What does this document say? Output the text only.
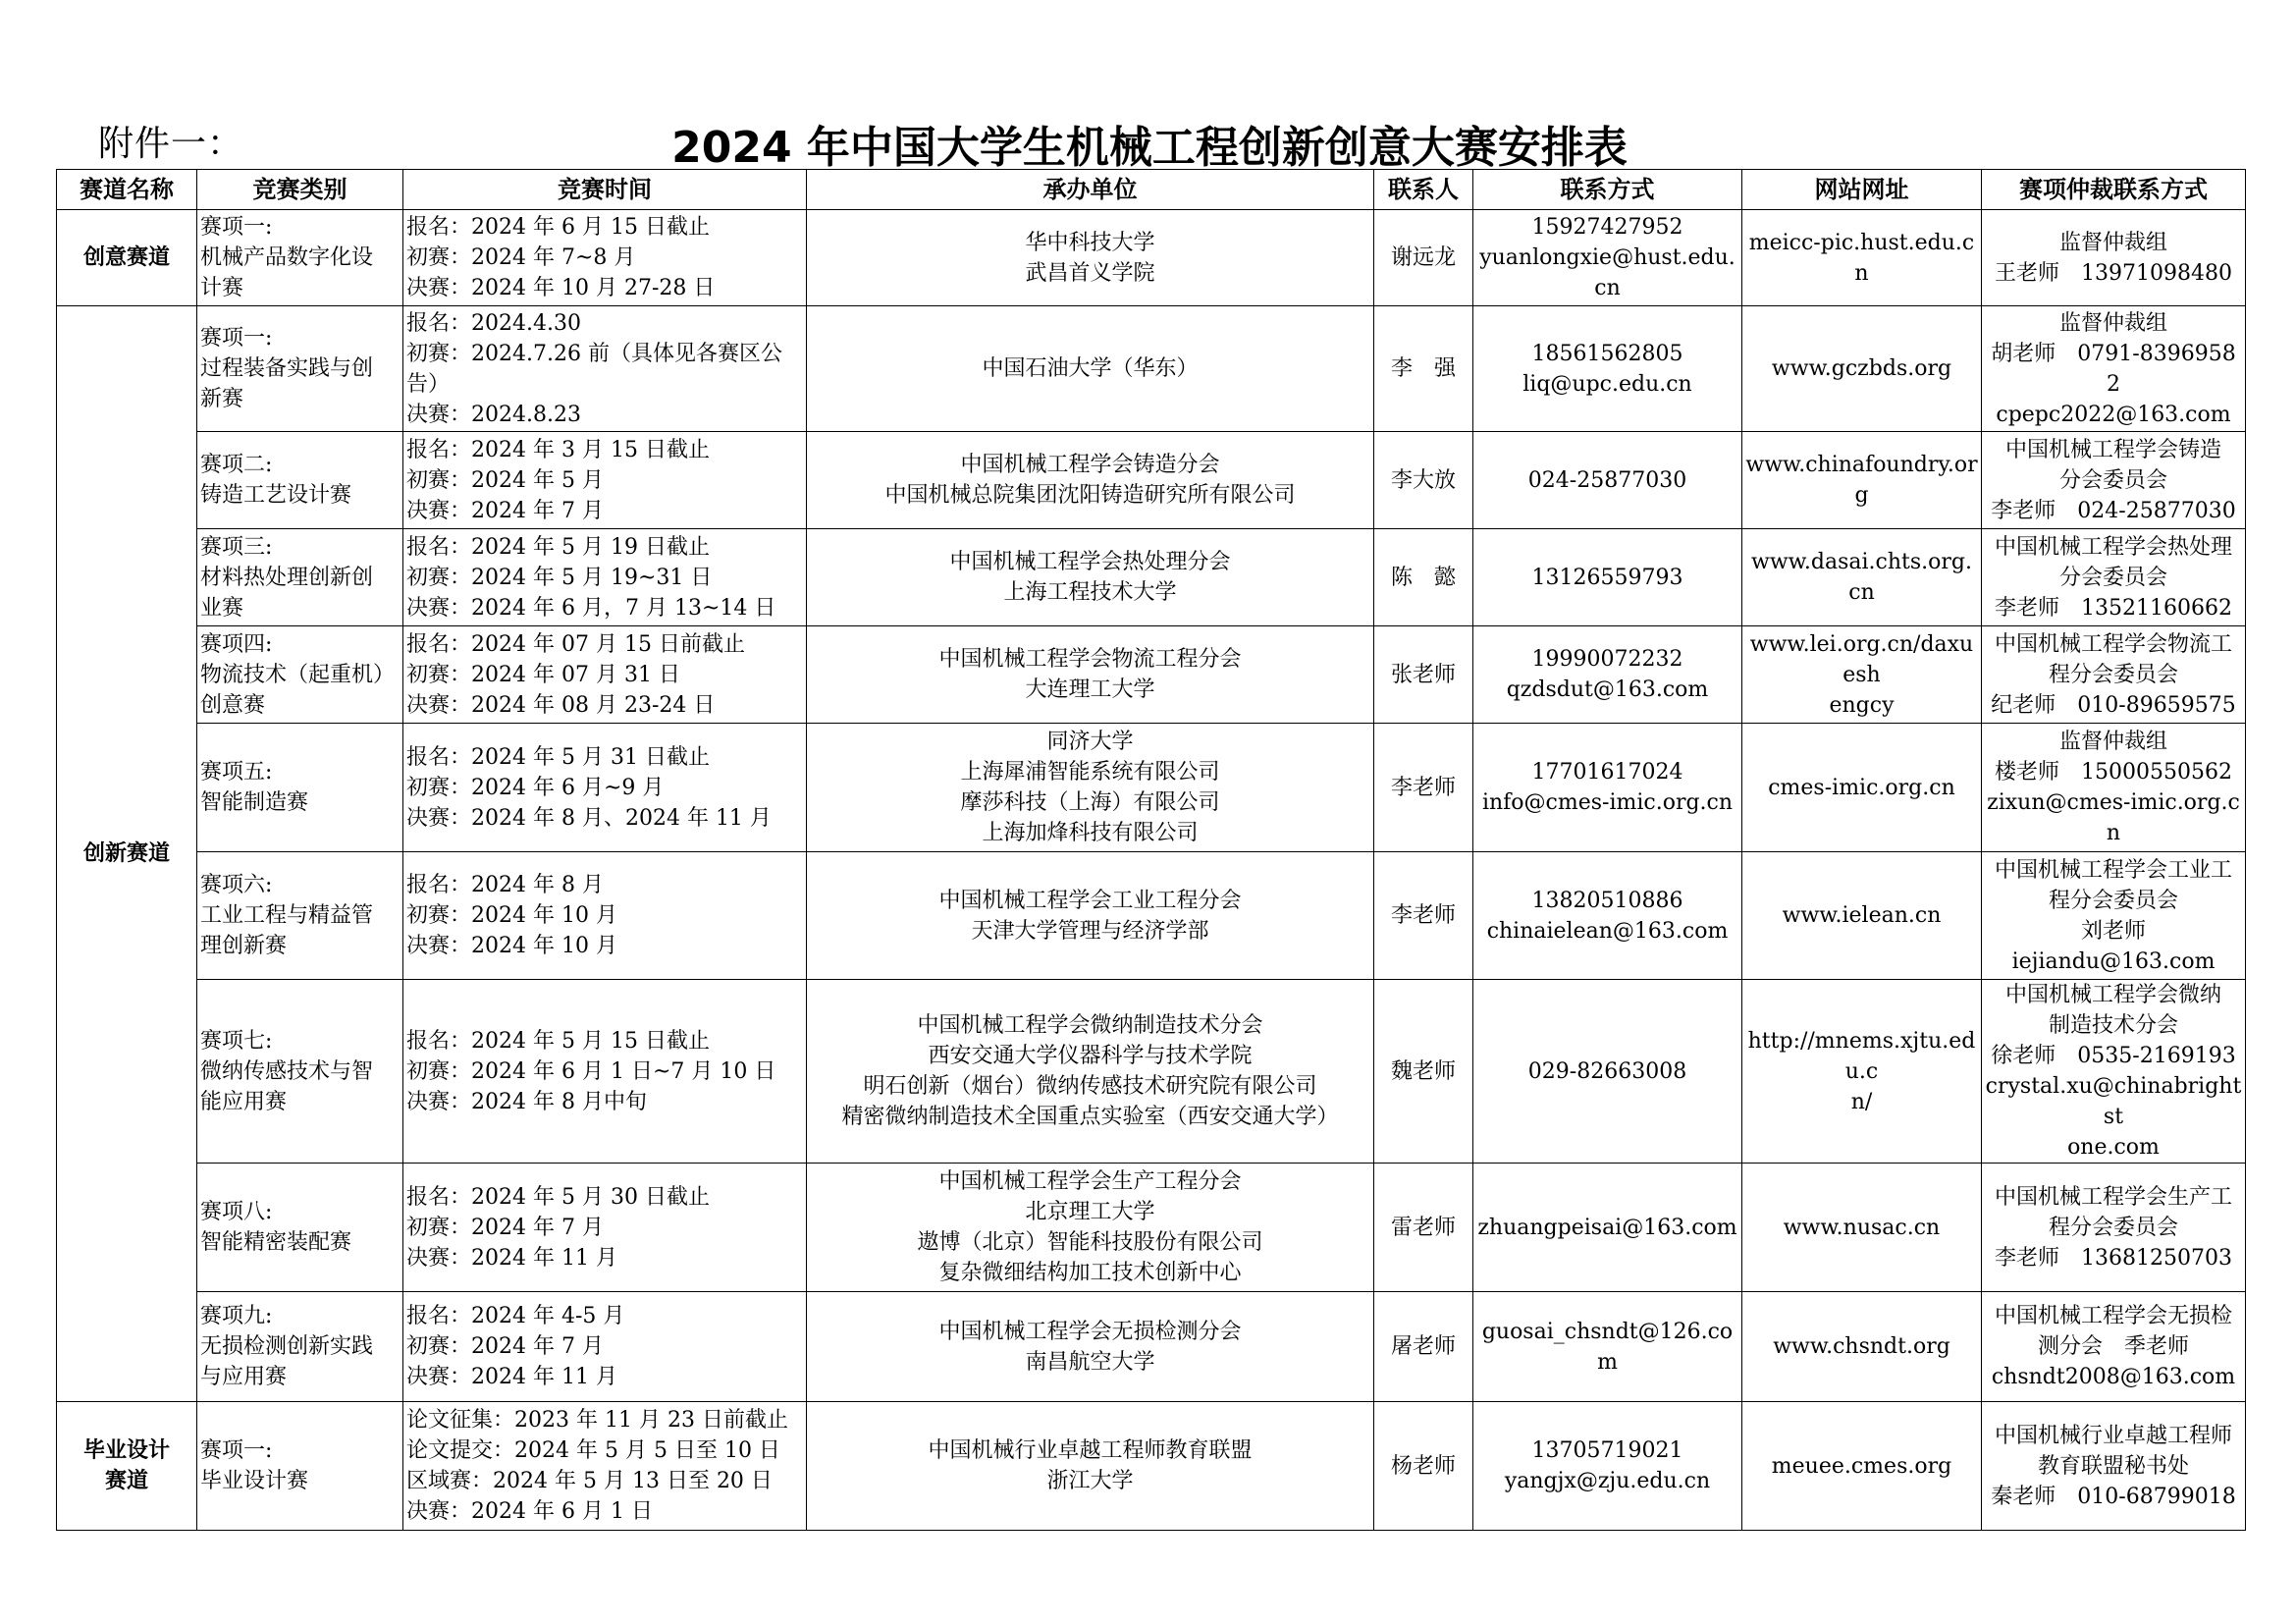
附件一：	2024 年中国大学生机械工程创新创意大赛安排表
赛道名称	竞赛类别	竞赛时间	承办单位	联系人	联系方式	网站网址	赛项仲裁联系方式

创意赛道	赛项一:
机械产品数字化设
计赛	报名：2024 年 6 月 15 日截止
初赛：2024 年 7~8 月
决赛：2024 年 10 月 27-28 日	华中科技大学
武昌首义学院	谢远龙	15927427952
yuanlongxie@hust.edu.cn	meicc-pic.hust.edu.cn	监督仲裁组
王老师　13971098480

创新赛道	赛项一:
过程装备实践与创
新赛	报名：2024.4.30
初赛：2024.7.26 前（具体见各赛区公
告）
决赛：2024.8.23	中国石油大学（华东）	李　强	18561562805
liq@upc.edu.cn	www.gczbds.org	监督仲裁组
胡老师　0791-83969582
cpepc2022@163.com

	赛项二:
铸造工艺设计赛	报名：2024 年 3 月 15 日截止
初赛：2024 年 5 月
决赛：2024 年 7 月	中国机械工程学会铸造分会
中国机械总院集团沈阳铸造研究所有限公司	李大放	024-25877030	www.chinafoundry.org	中国机械工程学会铸造
分会委员会
李老师　024-25877030

	赛项三:
材料热处理创新创
业赛	报名：2024 年 5 月 19 日截止
初赛：2024 年 5 月 19~31 日
决赛：2024 年 6 月，7 月 13~14 日	中国机械工程学会热处理分会
上海工程技术大学	陈　懿	13126559793	www.dasai.chts.org.cn	中国机械工程学会热处理
分会委员会
李老师　13521160662

	赛项四:
物流技术（起重机）
创意赛	报名：2024 年 07 月 15 日前截止
初赛：2024 年 07 月 31 日
决赛：2024 年 08 月 23-24 日	中国机械工程学会物流工程分会
大连理工大学	张老师	19990072232
qzdsdut@163.com	www.lei.org.cn/daxuesh
engcy	中国机械工程学会物流工
程分会委员会
纪老师　010-89659575

	赛项五:
智能制造赛	报名：2024 年 5 月 31 日截止
初赛：2024 年 6 月~9 月
决赛：2024 年 8 月、2024 年 11 月	同济大学
上海犀浦智能系统有限公司
摩莎科技（上海）有限公司
上海加烽科技有限公司	李老师	17701617024
info@cmes-imic.org.cn	cmes-imic.org.cn	监督仲裁组
楼老师　15000550562
zixun@cmes-imic.org.cn

	赛项六:
工业工程与精益管
理创新赛	报名：2024 年 8 月
初赛：2024 年 10 月
决赛：2024 年 10 月	中国机械工程学会工业工程分会
天津大学管理与经济学部	李老师	13820510886
chinaielean@163.com	www.ielean.cn	中国机械工程学会工业工
程分会委员会
刘老师
iejiandu@163.com

	赛项七:
微纳传感技术与智
能应用赛	报名：2024 年 5 月 15 日截止
初赛：2024 年 6 月 1 日~7 月 10 日
决赛：2024 年 8 月中旬	中国机械工程学会微纳制造技术分会
西安交通大学仪器科学与技术学院
明石创新（烟台）微纳传感技术研究院有限公司
精密微纳制造技术全国重点实验室（西安交通大学）	魏老师	029-82663008	http://mnems.xjtu.edu.c
n/	中国机械工程学会微纳
制造技术分会
徐老师　0535-2169193
crystal.xu@chinabrightst
one.com

	赛项八:
智能精密装配赛	报名：2024 年 5 月 30 日截止
初赛：2024 年 7 月
决赛：2024 年 11 月	中国机械工程学会生产工程分会
北京理工大学
遨博（北京）智能科技股份有限公司
复杂微细结构加工技术创新中心	雷老师	zhuangpeisai@163.com	www.nusac.cn	中国机械工程学会生产工
程分会委员会
李老师　13681250703

	赛项九:
无损检测创新实践
与应用赛	报名：2024 年 4-5 月
初赛：2024 年 7 月
决赛：2024 年 11 月	中国机械工程学会无损检测分会
南昌航空大学	屠老师	guosai_chsndt@126.com	www.chsndt.org	中国机械工程学会无损检
测分会　季老师
chsndt2008@163.com

毕业设计
赛道	赛项一:
毕业设计赛	论文征集：2023 年 11 月 23 日前截止
论文提交：2024 年 5 月 5 日至 10 日
区域赛：2024 年 5 月 13 日至 20 日
决赛：2024 年 6 月 1 日	中国机械行业卓越工程师教育联盟
浙江大学	杨老师	13705719021
yangjx@zju.edu.cn	meuee.cmes.org	中国机械行业卓越工程师
教育联盟秘书处
秦老师　010-68799018
